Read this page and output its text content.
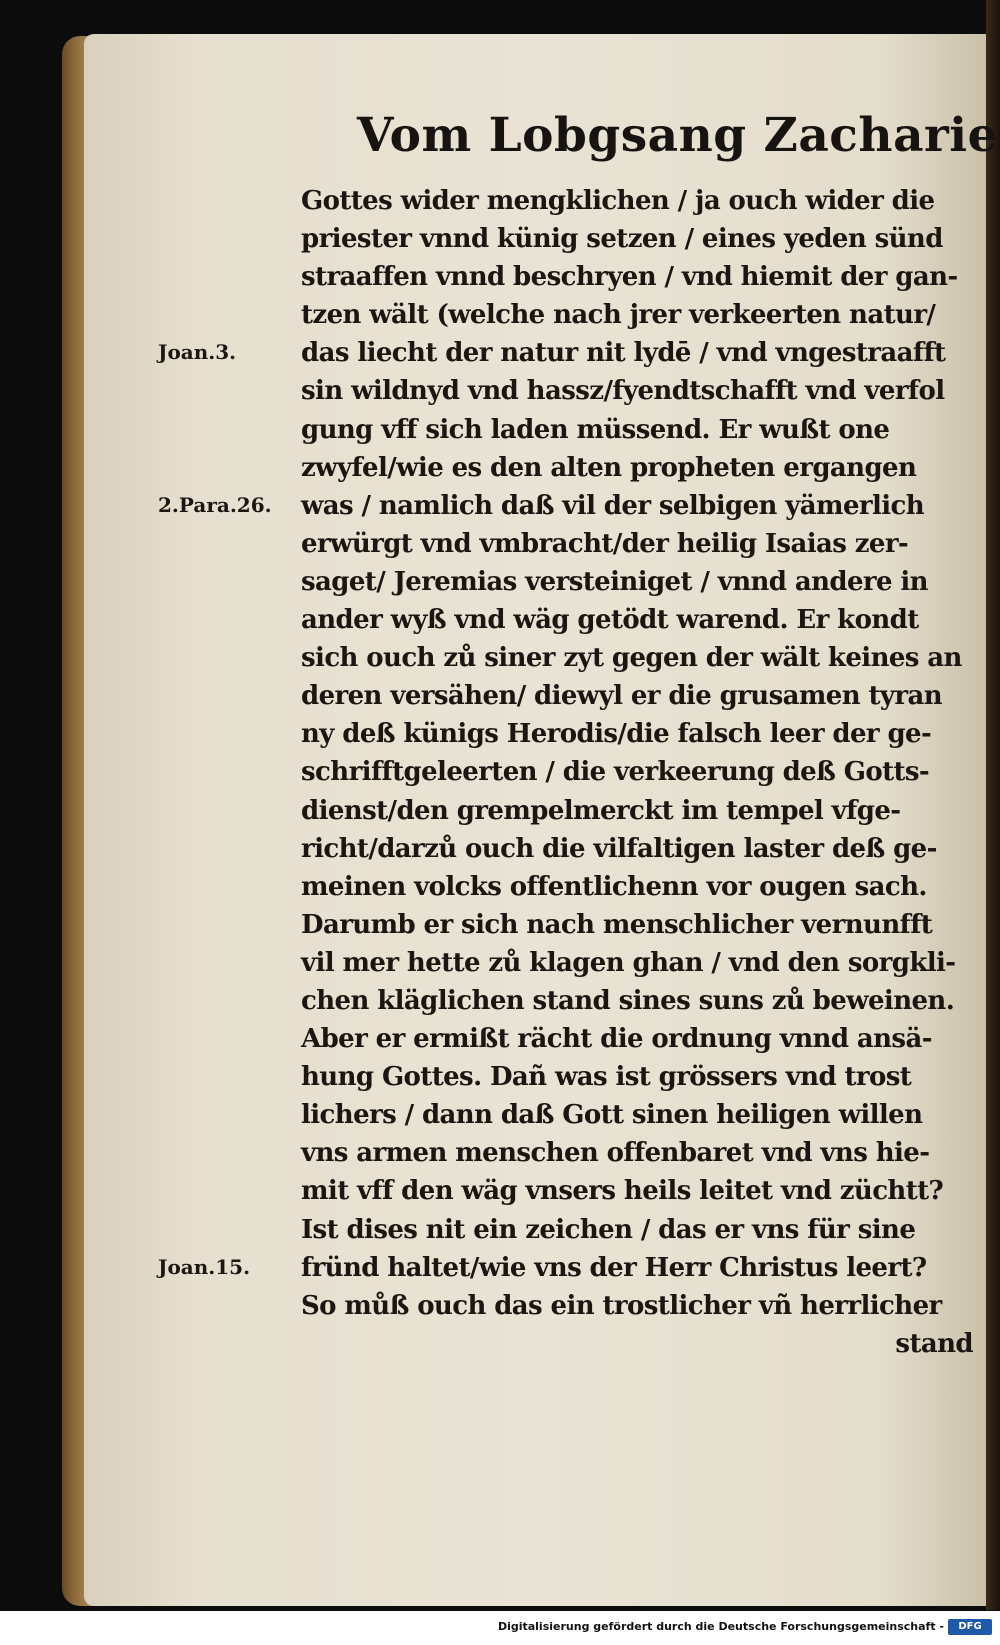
Vom Lobgsang Zacharie
Gottes wider mengklichen / ja ouch wider die
priester vnnd künig setzen / eines yeden sünd
straaffen vnnd beschryen / vnd hiemit der gan-
tzen wält (welche nach jrer verkeerten natur/
das liecht der natur nit lydē / vnd vngestraafft
sin wildnyd vnd hassz/fyendtschafft vnd verfol
gung vff sich laden müssend. Er wußt one
zwyfel/wie es den alten propheten ergangen
was / namlich daß vil der selbigen yämerlich
erwürgt vnd vmbracht/der heilig Isaias zer-
saget/ Jeremias versteiniget / vnnd andere in
ander wyß vnd wäg getödt warend. Er kondt
sich ouch zů siner zyt gegen der wält keines an
deren versähen/ diewyl er die grusamen tyran
ny deß künigs Herodis/die falsch leer der ge-
schrifftgeleerten / die verkeerung deß Gotts-
dienst/den grempelmerckt im tempel vfge-
richt/darzů ouch die vilfaltigen laster deß ge-
meinen volcks offentlichenn vor ougen sach.
Darumb er sich nach menschlicher vernunfft
vil mer hette zů klagen ghan / vnd den sorgkli-
chen kläglichen stand sines suns zů beweinen.
Aber er ermißt rächt die ordnung vnnd ansä-
hung Gottes. Dañ was ist grössers vnd trost
lichers / dann daß Gott sinen heiligen willen
vns armen menschen offenbaret vnd vns hie-
mit vff den wäg vnsers heils leitet vnd züchtt?
Ist dises nit ein zeichen / das er vns für sine
fründ haltet/wie vns der Herr Christus leert?
So můß ouch das ein trostlicher vñ herrlicher
stand
Joan.3.
2.Para.26.
Joan.15.
Digitalisierung gefördert durch die Deutsche Forschungsgemeinschaft -	DFG
